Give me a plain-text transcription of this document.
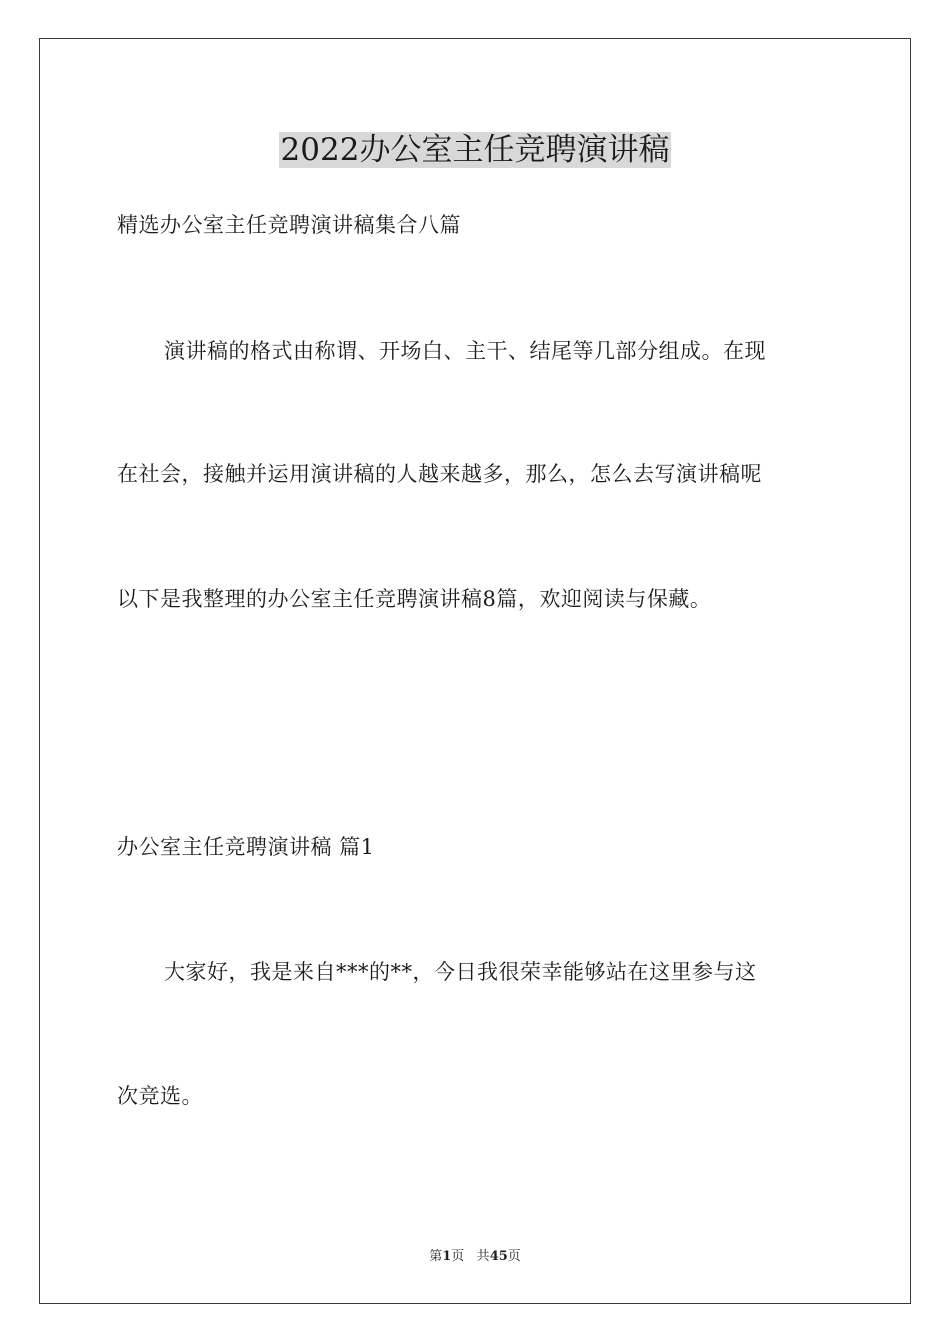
2022办公室主任竞聘演讲稿
精选办公室主任竞聘演讲稿集合八篇
演讲稿的格式由称谓、开场白、主干、结尾等几部分组成。在现
在社会，接触并运用演讲稿的人越来越多，那么，怎么去写演讲稿呢
以下是我整理的办公室主任竞聘演讲稿8篇，欢迎阅读与保藏。
办公室主任竞聘演讲稿 篇1
大家好，我是来自***的**，今日我很荣幸能够站在这里参与这
次竞选。
第1页 共45页
